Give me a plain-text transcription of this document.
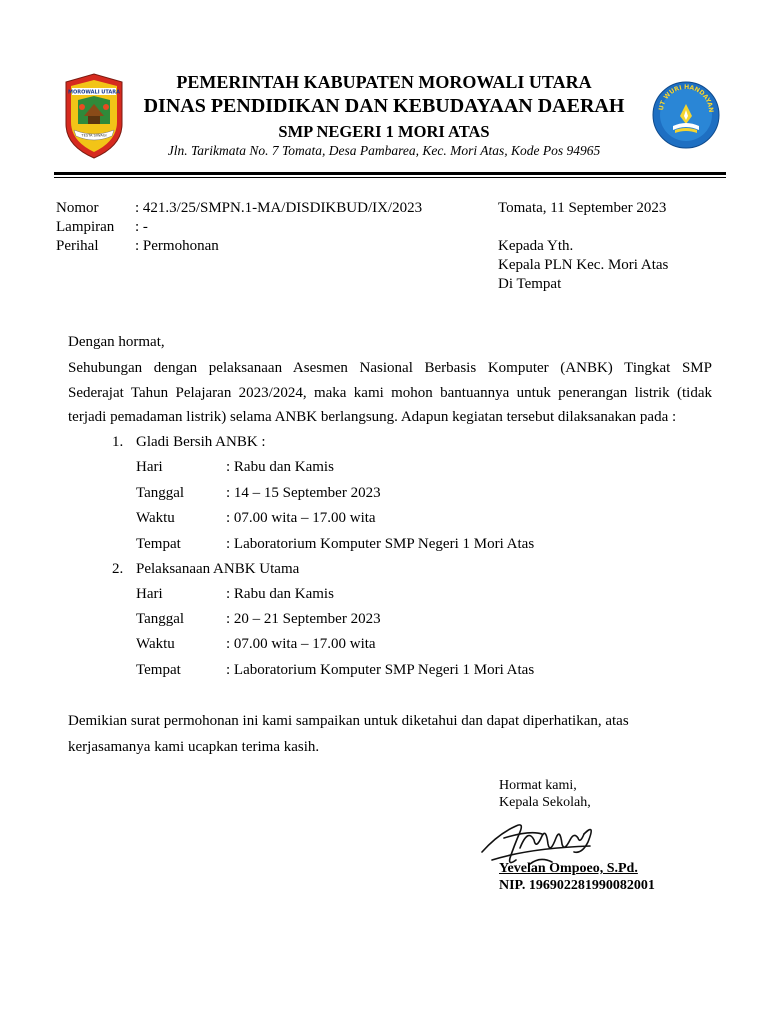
MOROWALI UTARA
TESTA SIWAGI
UT WURI HANDAYAN
PEMERINTAH KABUPATEN MOROWALI UTARA
DINAS PENDIDIKAN DAN KEBUDAYAAN DAERAH
SMP NEGERI 1 MORI ATAS
Jln. Tarikmata No. 7 Tomata, Desa Pambarea, Kec. Mori Atas, Kode Pos 94965
Nomor : 421.3/25/SMPN.1-MA/DISDIKBUD/IX/2023
Lampiran : -
Perihal : Permohonan
Tomata, 11 September 2023
Kepada Yth.
Kepala PLN Kec. Mori Atas
Di Tempat
Dengan hormat,
Sehubungan dengan pelaksanaan Asesmen Nasional Berbasis Komputer (ANBK) Tingkat SMP
Sederajat Tahun Pelajaran 2023/2024, maka kami mohon bantuannya untuk penerangan listrik (tidak
terjadi pemadaman listrik) selama ANBK berlangsung. Adapun kegiatan tersebut dilaksanakan pada :
1. Gladi Bersih ANBK :
Hari	: Rabu dan Kamis
Tanggal	: 14 – 15 September 2023
Waktu	: 07.00 wita – 17.00 wita
Tempat	: Laboratorium Komputer SMP Negeri 1 Mori Atas
2. Pelaksanaan ANBK Utama
Hari	: Rabu dan Kamis
Tanggal	: 20 – 21 September 2023
Waktu	: 07.00 wita – 17.00 wita
Tempat	: Laboratorium Komputer SMP Negeri 1 Mori Atas
Demikian surat permohonan ini kami sampaikan untuk diketahui dan dapat diperhatikan, atas
kerjasamanya kami ucapkan terima kasih.
Hormat kami,
Kepala Sekolah,
Yevelan Ompoeo, S.Pd.
NIP. 196902281990082001
